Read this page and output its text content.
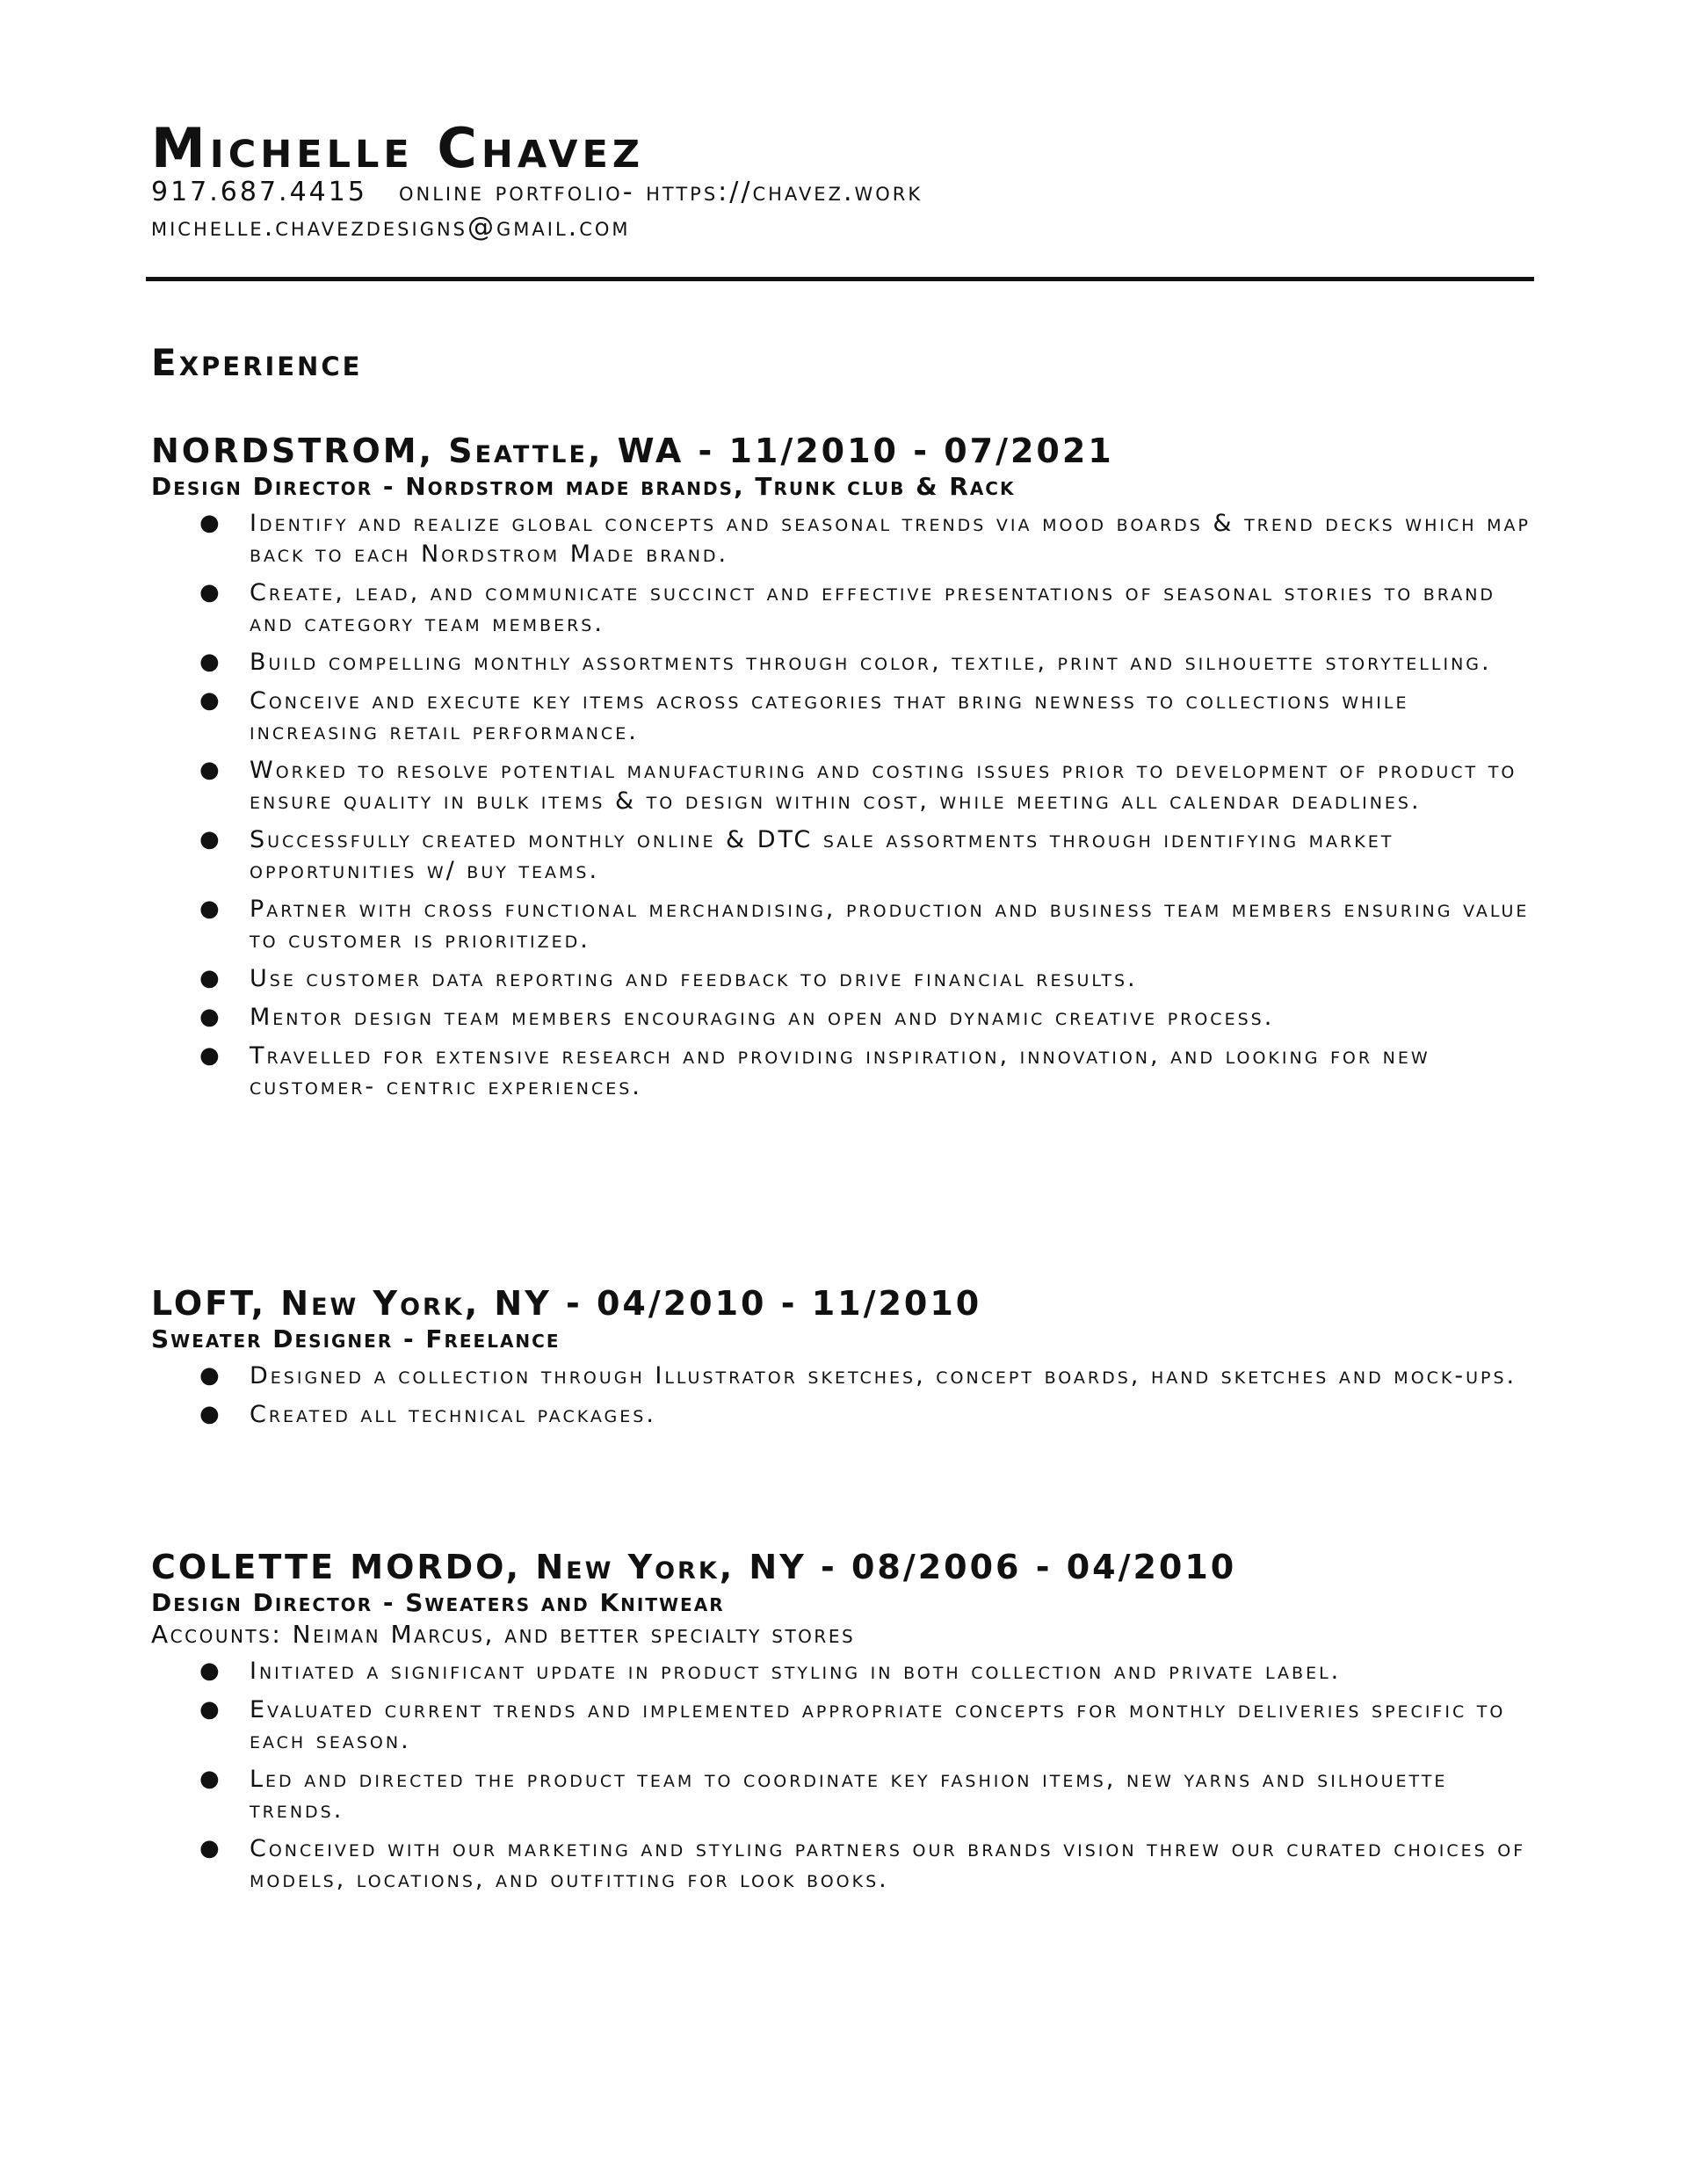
Michelle Chavez
917.687.4415 online portfolio- https://chavez.work
michelle.chavezdesigns@gmail.com
Experience
NORDSTROM, Seattle, WA - 11/2010 - 07/2021
Design Director - Nordstrom made brands, Trunk club & Rack
● Identify and realize global concepts and seasonal trends via mood boards & trend decks which map back to each Nordstrom Made brand.
● Create, lead, and communicate succinct and effective presentations of seasonal stories to brand and category team members.
● Build compelling monthly assortments through color, textile, print and silhouette storytelling.
● Conceive and execute key items across categories that bring newness to collections while increasing retail performance.
● Worked to resolve potential manufacturing and costing issues prior to development of product to ensure quality in bulk items & to design within cost, while meeting all calendar deadlines.
● Successfully created monthly online & DTC sale assortments through identifying market opportunities w/ buy teams.
● Partner with cross functional merchandising, production and business team members ensuring value to customer is prioritized.
● Use customer data reporting and feedback to drive financial results.
● Mentor design team members encouraging an open and dynamic creative process.
● Travelled for extensive research and providing inspiration, innovation, and looking for new customer- centric experiences.
LOFT, New York, NY - 04/2010 - 11/2010
Sweater Designer - Freelance
● Designed a collection through Illustrator sketches, concept boards, hand sketches and mock-ups.
● Created all technical packages.
COLETTE MORDO, New York, NY - 08/2006 - 04/2010
Design Director - Sweaters and Knitwear
Accounts: Neiman Marcus, and better specialty stores
● Initiated a significant update in product styling in both collection and private label.
● Evaluated current trends and implemented appropriate concepts for monthly deliveries specific to each season.
● Led and directed the product team to coordinate key fashion items, new yarns and silhouette trends.
● Conceived with our marketing and styling partners our brands vision threw our curated choices of models, locations, and outfitting for look books.
